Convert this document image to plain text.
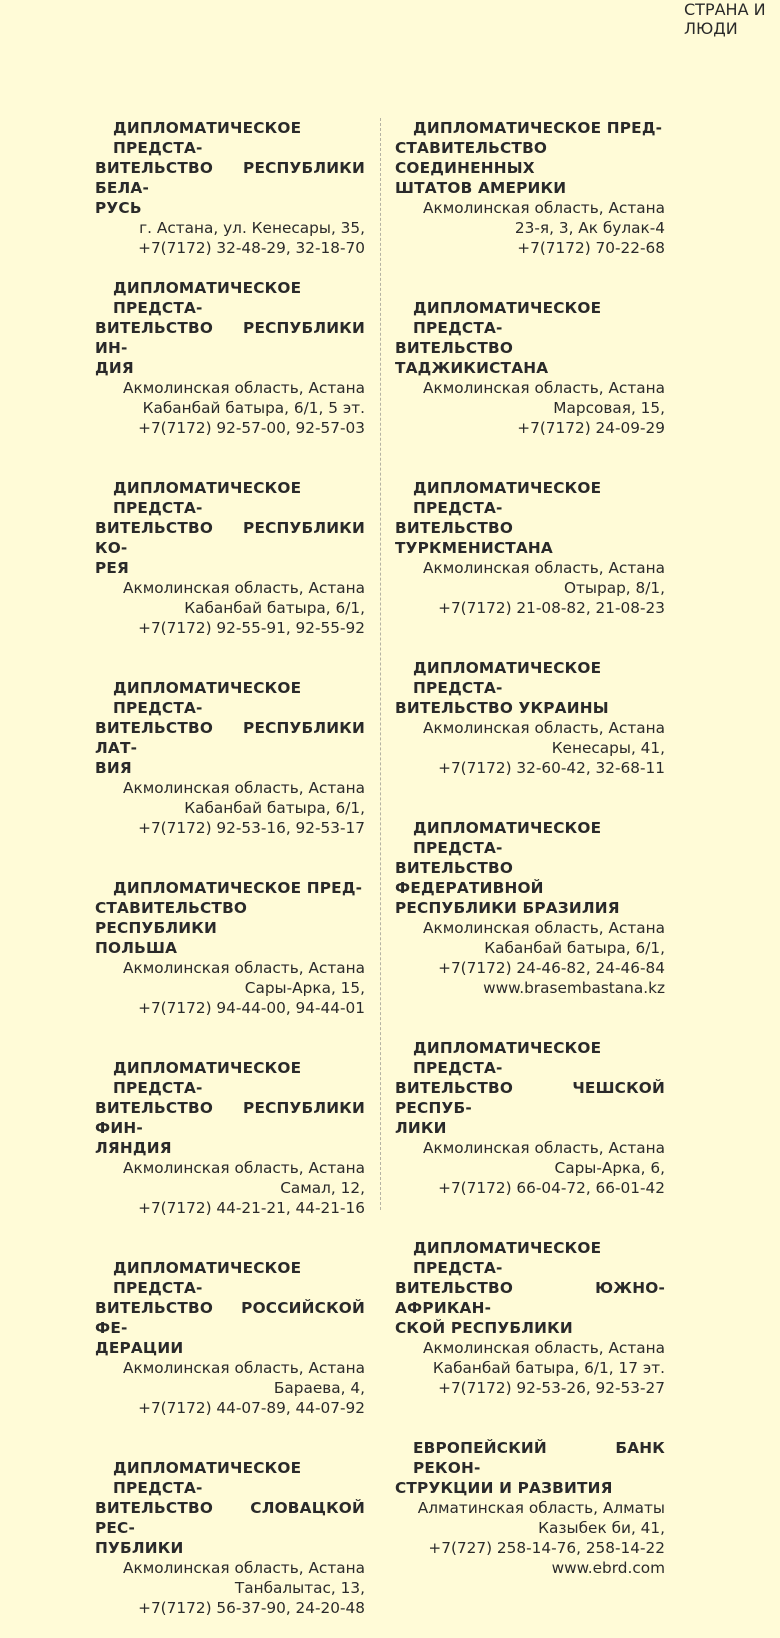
СТРАНА И ЛЮДИ
ДИПЛОМАТИЧЕСКОЕ ПРЕДСТА-
ВИТЕЛЬСТВО РЕСПУБЛИКИ БЕЛА-
РУСЬ
г. Астана, ул. Кенесары, 35,
+7(7172) 32-48-29, 32-18-70
ДИПЛОМАТИЧЕСКОЕ ПРЕДСТА-
ВИТЕЛЬСТВО РЕСПУБЛИКИ ИН-
ДИЯ
Акмолинская область, Астана
Кабанбай батыра, 6/1, 5 эт.
+7(7172) 92-57-00, 92-57-03
ДИПЛОМАТИЧЕСКОЕ ПРЕДСТА-
ВИТЕЛЬСТВО РЕСПУБЛИКИ КО-
РЕЯ
Акмолинская область, Астана
Кабанбай батыра, 6/1,
+7(7172) 92-55-91, 92-55-92
ДИПЛОМАТИЧЕСКОЕ ПРЕДСТА-
ВИТЕЛЬСТВО РЕСПУБЛИКИ ЛАТ-
ВИЯ
Акмолинская область, Астана
Кабанбай батыра, 6/1,
+7(7172) 92-53-16, 92-53-17
ДИПЛОМАТИЧЕСКОЕ ПРЕД-
СТАВИТЕЛЬСТВО РЕСПУБЛИКИ
ПОЛЬША
Акмолинская область, Астана
Сары-Арка, 15,
+7(7172) 94-44-00, 94-44-01
ДИПЛОМАТИЧЕСКОЕ ПРЕДСТА-
ВИТЕЛЬСТВО РЕСПУБЛИКИ ФИН-
ЛЯНДИЯ
Акмолинская область, Астана
Самал, 12,
+7(7172) 44-21-21, 44-21-16
ДИПЛОМАТИЧЕСКОЕ ПРЕДСТА-
ВИТЕЛЬСТВО РОССИЙСКОЙ ФЕ-
ДЕРАЦИИ
Акмолинская область, Астана
Бараева, 4,
+7(7172) 44-07-89, 44-07-92
ДИПЛОМАТИЧЕСКОЕ ПРЕДСТА-
ВИТЕЛЬСТВО СЛОВАЦКОЙ РЕС-
ПУБЛИКИ
Акмолинская область, Астана
Танбалытас, 13,
+7(7172) 56-37-90, 24-20-48
ДИПЛОМАТИЧЕСКОЕ ПРЕД-
СТАВИТЕЛЬСТВО СОЕДИНЕННЫХ
ШТАТОВ АМЕРИКИ
Акмолинская область, Астана
23-я, 3, Ак булак-4
+7(7172) 70-22-68
ДИПЛОМАТИЧЕСКОЕ ПРЕДСТА-
ВИТЕЛЬСТВО ТАДЖИКИСТАНА
Акмолинская область, Астана
Марсовая, 15,
+7(7172) 24-09-29
ДИПЛОМАТИЧЕСКОЕ ПРЕДСТА-
ВИТЕЛЬСТВО ТУРКМЕНИСТАНА
Акмолинская область, Астана
Отырар, 8/1,
+7(7172) 21-08-82, 21-08-23
ДИПЛОМАТИЧЕСКОЕ ПРЕДСТА-
ВИТЕЛЬСТВО УКРАИНЫ
Акмолинская область, Астана
Кенесары, 41,
+7(7172) 32-60-42, 32-68-11
ДИПЛОМАТИЧЕСКОЕ ПРЕДСТА-
ВИТЕЛЬСТВО ФЕДЕРАТИВНОЙ
РЕСПУБЛИКИ БРАЗИЛИЯ
Акмолинская область, Астана
Кабанбай батыра, 6/1,
+7(7172) 24-46-82, 24-46-84
www.brasembastana.kz
ДИПЛОМАТИЧЕСКОЕ ПРЕДСТА-
ВИТЕЛЬСТВО ЧЕШСКОЙ РЕСПУБ-
ЛИКИ
Акмолинская область, Астана
Сары-Арка, 6,
+7(7172) 66-04-72, 66-01-42
ДИПЛОМАТИЧЕСКОЕ ПРЕДСТА-
ВИТЕЛЬСТВО ЮЖНО-АФРИКАН-
СКОЙ РЕСПУБЛИКИ
Акмолинская область, Астана
Кабанбай батыра, 6/1, 17 эт.
+7(7172) 92-53-26, 92-53-27
ЕВРОПЕЙСКИЙ БАНК РЕКОН-
СТРУКЦИИ И РАЗВИТИЯ
Алматинская область, Алматы
Казыбек би, 41,
+7(727) 258-14-76, 258-14-22
www.ebrd.com
